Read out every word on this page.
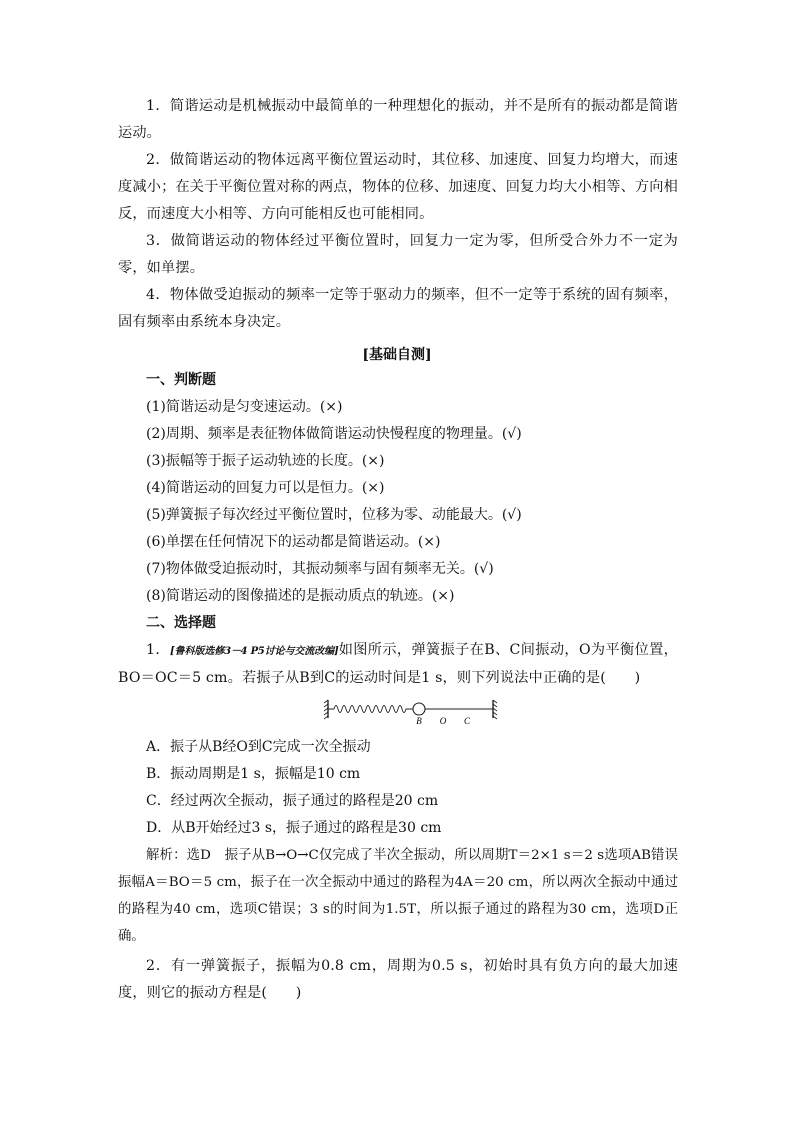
1．简谐运动是机械振动中最简单的一种理想化的振动，并不是所有的振动都是简谐运动。

2．做简谐运动的物体远离平衡位置运动时，其位移、加速度、回复力均增大，而速度减小；在关于平衡位置对称的两点，物体的位移、加速度、回复力均大小相等、方向相反，而速度大小相等、方向可能相反也可能相同。

3．做简谐运动的物体经过平衡位置时，回复力一定为零，但所受合外力不一定为零，如单摆。

4．物体做受迫振动的频率一定等于驱动力的频率，但不一定等于系统的固有频率，固有频率由系统本身决定。

[基础自测]
一、判断题
(1)简谐运动是匀变速运动。(×)
(2)周期、频率是表征物体做简谐运动快慢程度的物理量。(√)
(3)振幅等于振子运动轨迹的长度。(×)
(4)简谐运动的回复力可以是恒力。(×)
(5)弹簧振子每次经过平衡位置时，位移为零、动能最大。(√)
(6)单摆在任何情况下的运动都是简谐运动。(×)
(7)物体做受迫振动时，其振动频率与固有频率无关。(√)
(8)简谐运动的图像描述的是振动质点的轨迹。(×)
二、选择题

1．[鲁科版选修3－4 P5讨论与交流改编]如图所示，弹簧振子在B、C间振动，O为平衡位置，BO＝OC＝5 cm。若振子从B到C的运动时间是1 s，则下列说法中正确的是(　　)

B O C
A．振子从B经O到C完成一次全振动
B．振动周期是1 s，振幅是10 cm
C．经过两次全振动，振子通过的路程是20 cm
D．从B开始经过3 s，振子通过的路程是30 cm

解析：选D　振子从B→O→C仅完成了半次全振动，所以周期T＝2×1 s＝2 s选项AB错误振幅A＝BO＝5 cm，振子在一次全振动中通过的路程为4A＝20 cm，所以两次全振动中通过的路程为40 cm，选项C错误；3 s的时间为1.5T，所以振子通过的路程为30 cm，选项D正确。

2．有一弹簧振子，振幅为0.8 cm，周期为0.5 s，初始时具有负方向的最大加速度，则它的振动方程是(　　)
